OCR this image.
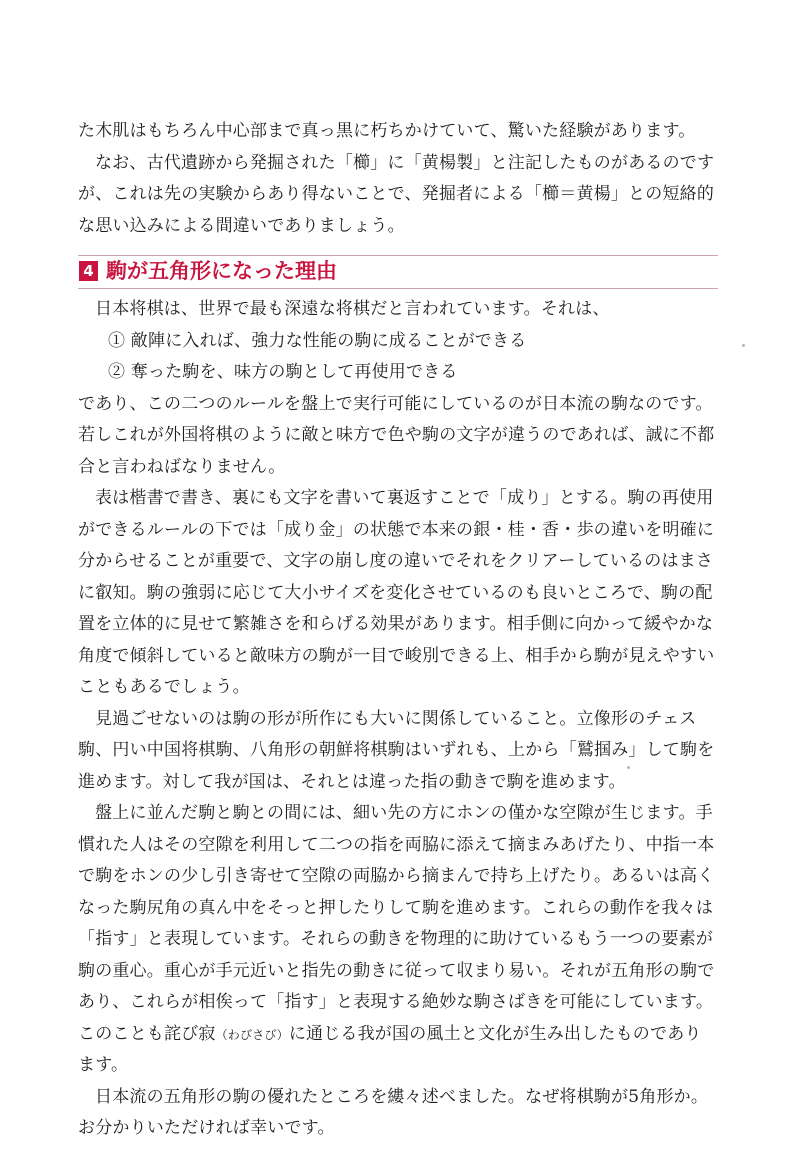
た木肌はもちろん中心部まで真っ黒に朽ちかけていて、驚いた経験があります。
なお、古代遺跡から発掘された「櫛」に「黄楊製」と注記したものがあるのです
が、これは先の実験からあり得ないことで、発掘者による「櫛＝黄楊」との短絡的
な思い込みによる間違いでありましょう。
4 駒が五角形になった理由
日本将棋は、世界で最も深遠な将棋だと言われています。それは、
① 敵陣に入れば、強力な性能の駒に成ることができる
② 奪った駒を、味方の駒として再使用できる
であり、この二つのルールを盤上で実行可能にしているのが日本流の駒なのです。
若しこれが外国将棋のように敵と味方で色や駒の文字が違うのであれば、誠に不都
合と言わねばなりません。
表は楷書で書き、裏にも文字を書いて裏返すことで「成り」とする。駒の再使用
ができるルールの下では「成り金」の状態で本来の銀・桂・香・歩の違いを明確に
分からせることが重要で、文字の崩し度の違いでそれをクリアーしているのはまさ
に叡知。駒の強弱に応じて大小サイズを変化させているのも良いところで、駒の配
置を立体的に見せて繁雑さを和らげる効果があります。相手側に向かって緩やかな
角度で傾斜していると敵味方の駒が一目で峻別できる上、相手から駒が見えやすい
こともあるでしょう。
見過ごせないのは駒の形が所作にも大いに関係していること。立像形のチェス
駒、円い中国将棋駒、八角形の朝鮮将棋駒はいずれも、上から「鷲掴み」して駒を
進めます。対して我が国は、それとは違った指の動きで駒を進めます。
盤上に並んだ駒と駒との間には、細い先の方にホンの僅かな空隙が生じます。手
慣れた人はその空隙を利用して二つの指を両脇に添えて摘まみあげたり、中指一本
で駒をホンの少し引き寄せて空隙の両脇から摘まんで持ち上げたり。あるいは高く
なった駒尻角の真ん中をそっと押したりして駒を進めます。これらの動作を我々は
「指す」と表現しています。それらの動きを物理的に助けているもう一つの要素が
駒の重心。重心が手元近いと指先の動きに従って収まり易い。それが五角形の駒で
あり、これらが相俟って「指す」と表現する絶妙な駒さばきを可能にしています。
このことも詫び寂（わびさび）に通じる我が国の風土と文化が生み出したものであり
ます。
日本流の五角形の駒の優れたところを縷々述べました。なぜ将棋駒が5角形か。
お分かりいただければ幸いです。
